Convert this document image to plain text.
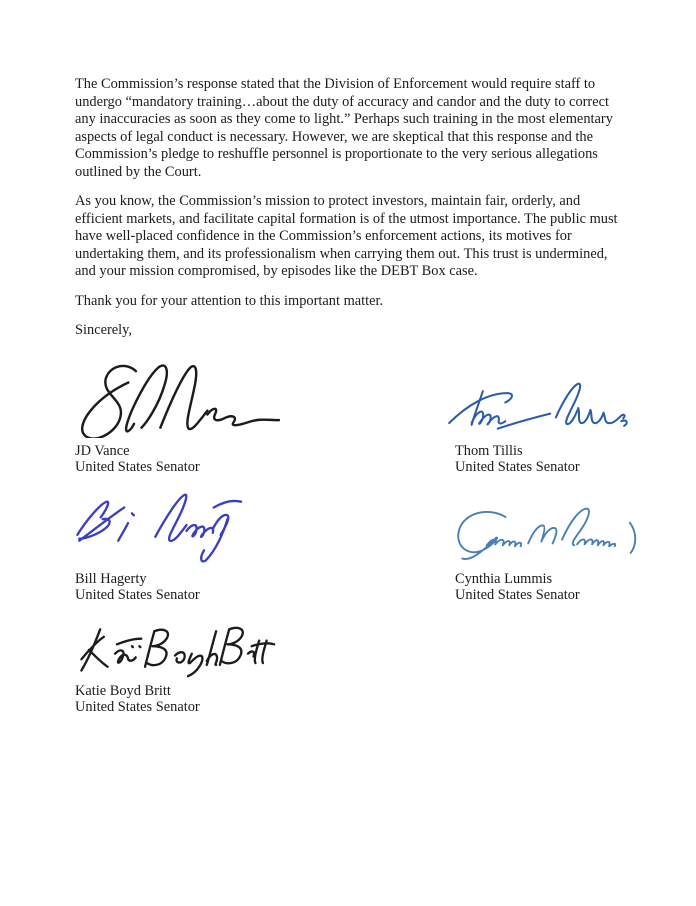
The Commission’s response stated that the Division of Enforcement would require staff to undergo “mandatory training…about the duty of accuracy and candor and the duty to correct any inaccuracies as soon as they come to light.” Perhaps such training in the most elementary aspects of legal conduct is necessary. However, we are skeptical that this response and the Commission’s pledge to reshuffle personnel is proportionate to the very serious allegations outlined by the Court.

As you know, the Commission’s mission to protect investors, maintain fair, orderly, and efficient markets, and facilitate capital formation is of the utmost importance. The public must have well-placed confidence in the Commission’s enforcement actions, its motives for undertaking them, and its professionalism when carrying them out. This trust is undermined, and your mission compromised, by episodes like the DEBT Box case.

Thank you for your attention to this important matter.

Sincerely,

JD Vance
United States Senator
Thom Tillis
United States Senator
Bill Hagerty
United States Senator
Cynthia Lummis
United States Senator
Katie Boyd Britt
United States Senator
